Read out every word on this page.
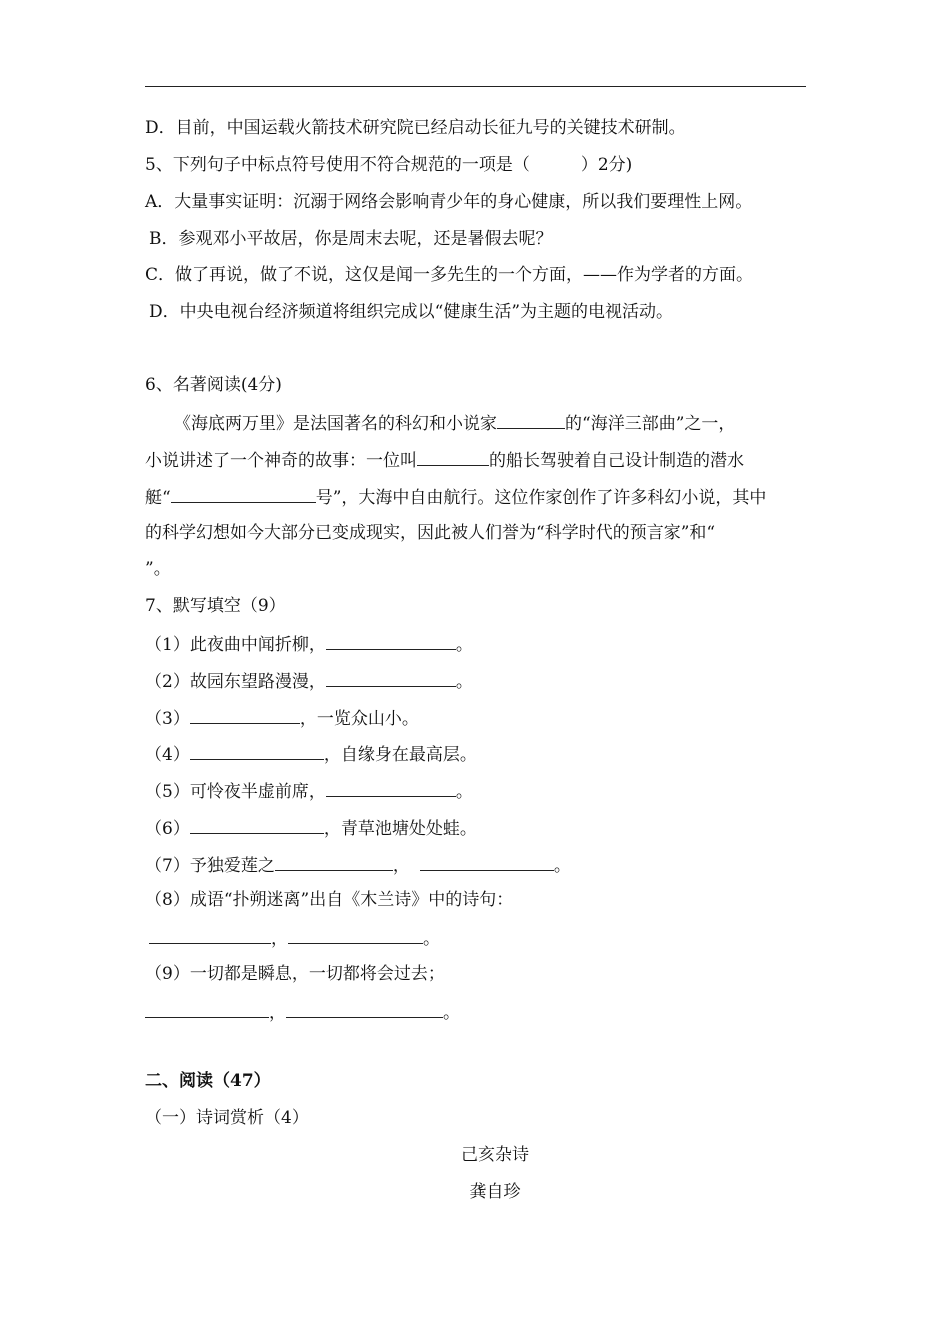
D．目前，中国运载火箭技术研究院已经启动长征九号的关键技术研制。
5、下列句子中标点符号使用不符合规范的一项是（　　　）2分)
A．大量事实证明：沉溺于网络会影响青少年的身心健康，所以我们要理性上网。
B．参观邓小平故居，你是周末去呢，还是暑假去呢？
C．做了再说，做了不说，这仅是闻一多先生的一个方面，——作为学者的方面。
D．中央电视台经济频道将组织完成以“健康生活”为主题的电视活动。
6、名著阅读(4分)
《海底两万里》是法国著名的科幻和小说家	的“海洋三部曲”之一，
小说讲述了一个神奇的故事：一位叫	的船长驾驶着自己设计制造的潜水
艇“	号”，大海中自由航行。这位作家创作了许多科幻小说，其中
的科学幻想如今大部分已变成现实，因此被人们誉为“科学时代的预言家”和“
”。
7、默写填空（9）
（1）此夜曲中闻折柳，	。
（2）故园东望路漫漫，	。
（3）	，一览众山小。
（4）	，自缘身在最高层。
（5）可怜夜半虚前席，	。
（6）	，青草池塘处处蛙。
（7）予独爱莲之	，	。
（8）成语“扑朔迷离”出自《木兰诗》中的诗句：
，	。
（9）一切都是瞬息，一切都将会过去；
，	。
二、阅读（47）
（一）诗词赏析（4）
己亥杂诗
龚自珍
